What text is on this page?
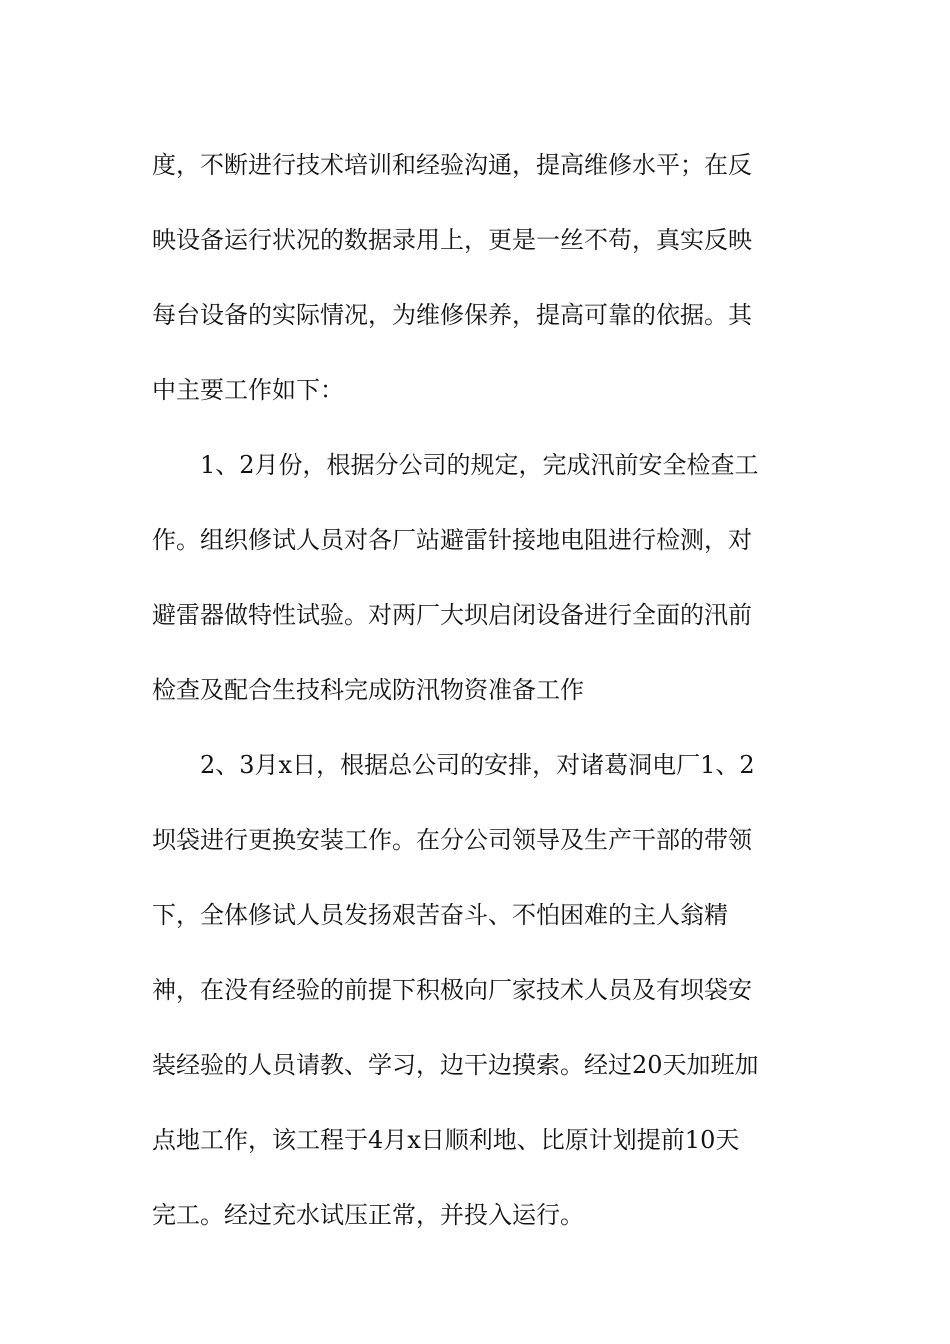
度，不断进行技术培训和经验沟通，提高维修水平；在反
映设备运行状况的数据录用上，更是一丝不苟，真实反映
每台设备的实际情况，为维修保养，提高可靠的依据。其
中主要工作如下：
1、2月份，根据分公司的规定，完成汛前安全检查工
作。组织修试人员对各厂站避雷针接地电阻进行检测，对
避雷器做特性试验。对两厂大坝启闭设备进行全面的汛前
检查及配合生技科完成防汛物资准备工作
2、3月x日，根据总公司的安排，对诸葛洞电厂1、2
坝袋进行更换安装工作。在分公司领导及生产干部的带领
下，全体修试人员发扬艰苦奋斗、不怕困难的主人翁精
神，在没有经验的前提下积极向厂家技术人员及有坝袋安
装经验的人员请教、学习，边干边摸索。经过20天加班加
点地工作，该工程于4月x日顺利地、比原计划提前10天
完工。经过充水试压正常，并投入运行。
